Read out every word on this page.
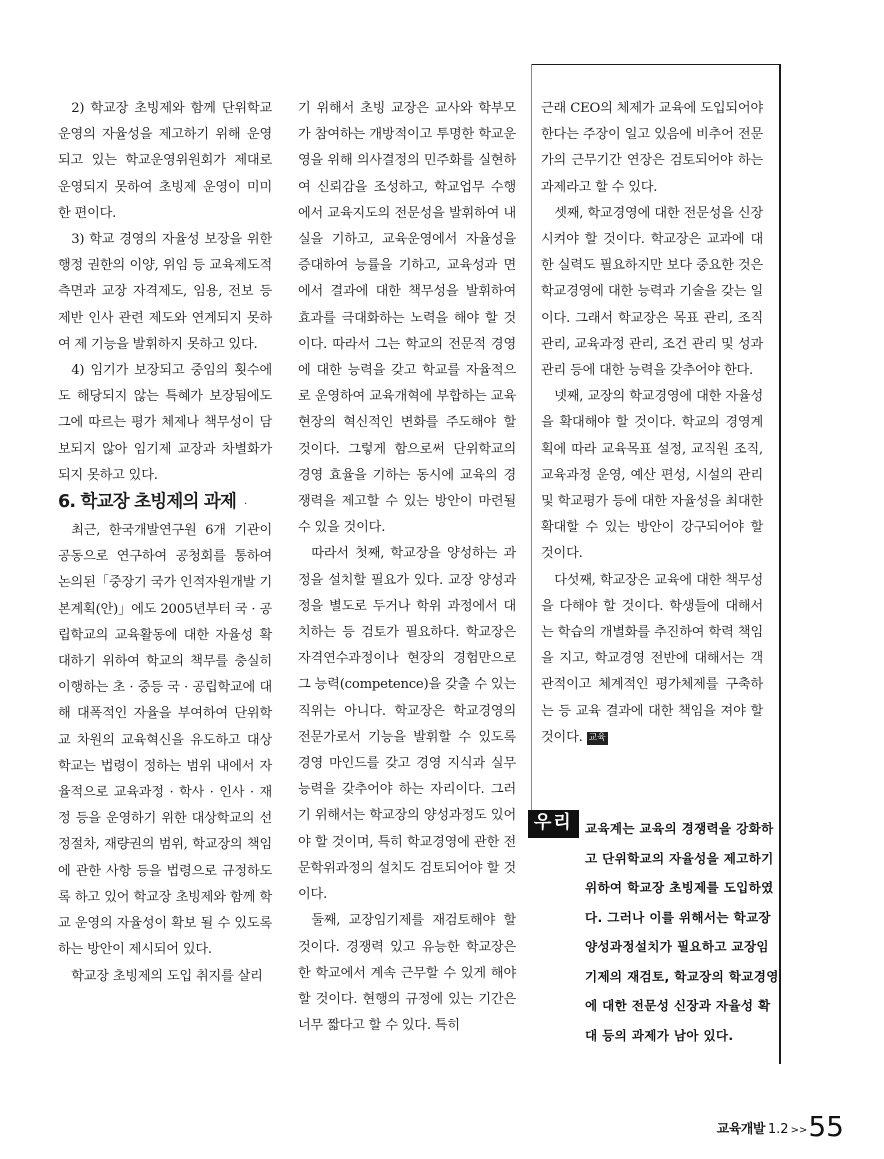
2) 학교장 초빙제와 함께 단위학교 운영의 자율성을 제고하기 위해 운영되고 있는 학교운영위원회가 제대로 운영되지 못하여 초빙제 운영이 미미한 편이다.

3) 학교 경영의 자율성 보장을 위한 행정 권한의 이양, 위임 등 교육제도적 측면과 교장 자격제도, 임용, 전보 등 제반 인사 관련 제도와 연계되지 못하여 제 기능을 발휘하지 못하고 있다.

4) 임기가 보장되고 중임의 횟수에도 해당되지 않는 특혜가 보장됨에도 그에 따르는 평가 체제나 책무성이 담보되지 않아 임기제 교장과 차별화가 되지 못하고 있다.

6. 학교장 초빙제의 과제 ·

최근, 한국개발연구원 6개 기관이 공동으로 연구하여 공청회를 통하여 논의된「중장기 국가 인적자원개발 기본계획(안)」에도 2005년부터 국 · 공립학교의 교육활동에 대한 자율성 확대하기 위하여 학교의 책무를 충실히 이행하는 초 · 중등 국 · 공립학교에 대해 대폭적인 자율을 부여하여 단위학교 차원의 교육혁신을 유도하고 대상 학교는 법령이 정하는 범위 내에서 자율적으로 교육과정 · 학사 · 인사 · 재정 등을 운영하기 위한 대상학교의 선정절차, 재량권의 범위, 학교장의 책임에 관한 사항 등을 법령으로 규정하도록 하고 있어 학교장 초빙제와 함께 학교 운영의 자율성이 확보 될 수 있도록 하는 방안이 제시되어 있다.

학교장 초빙제의 도입 취지를 살리

기 위해서 초빙 교장은 교사와 학부모가 참여하는 개방적이고 투명한 학교운영을 위해 의사결정의 민주화를 실현하여 신뢰감을 조성하고, 학교업무 수행에서 교육지도의 전문성을 발휘하여 내실을 기하고, 교육운영에서 자율성을 증대하여 능률을 기하고, 교육성과 면에서 결과에 대한 책무성을 발휘하여 효과를 극대화하는 노력을 해야 할 것이다. 따라서 그는 학교의 전문적 경영에 대한 능력을 갖고 학교를 자율적으로 운영하여 교육개혁에 부합하는 교육현장의 혁신적인 변화를 주도해야 할 것이다. 그렇게 함으로써 단위학교의 경영 효율을 기하는 동시에 교육의 경쟁력을 제고할 수 있는 방안이 마련될 수 있을 것이다.

따라서 첫째, 학교장을 양성하는 과정을 설치할 필요가 있다. 교장 양성과정을 별도로 두거나 학위 과정에서 대치하는 등 검토가 필요하다. 학교장은 자격연수과정이나 현장의 경험만으로 그 능력(competence)을 갖출 수 있는 직위는 아니다. 학교장은 학교경영의 전문가로서 기능을 발휘할 수 있도록 경영 마인드를 갖고 경영 지식과 실무 능력을 갖추어야 하는 자리이다. 그러기 위해서는 학교장의 양성과정도 있어야 할 것이며, 특히 학교경영에 관한 전문학위과정의 설치도 검토되어야 할 것이다.

둘째, 교장임기제를 재검토해야 할 것이다. 경쟁력 있고 유능한 학교장은 한 학교에서 계속 근무할 수 있게 해야 할 것이다. 현행의 규정에 있는 기간은 너무 짧다고 할 수 있다. 특히

근래 CEO의 체제가 교육에 도입되어야 한다는 주장이 일고 있음에 비추어 전문가의 근무기간 연장은 검토되어야 하는 과제라고 할 수 있다.

셋째, 학교경영에 대한 전문성을 신장시켜야 할 것이다. 학교장은 교과에 대한 실력도 필요하지만 보다 중요한 것은 학교경영에 대한 능력과 기술을 갖는 일이다. 그래서 학교장은 목표 관리, 조직 관리, 교육과정 관리, 조건 관리 및 성과 관리 등에 대한 능력을 갖추어야 한다.

넷째, 교장의 학교경영에 대한 자율성을 확대해야 할 것이다. 학교의 경영계획에 따라 교육목표 설정, 교직원 조직, 교육과정 운영, 예산 편성, 시설의 관리 및 학교평가 등에 대한 자율성을 최대한 확대할 수 있는 방안이 강구되어야 할 것이다.

다섯째, 학교장은 교육에 대한 책무성을 다해야 할 것이다. 학생들에 대해서는 학습의 개별화를 추진하여 학력 책임을 지고, 학교경영 전반에 대해서는 객관적이고 체계적인 평가체제를 구축하는 등 교육 결과에 대한 책임을 져야 할 것이다. 교육

우리 교육계는 교육의 경쟁력을 강화하고 단위학교의 자율성을 제고하기 위하여 학교장 초빙제를 도입하였다. 그러나 이를 위해서는 학교장 양성과정설치가 필요하고 교장임기제의 재검토, 학교장의 학교경영에 대한 전문성 신장과 자율성 확대 등의 과제가 남아 있다.
교육개발 1.2 >>55
